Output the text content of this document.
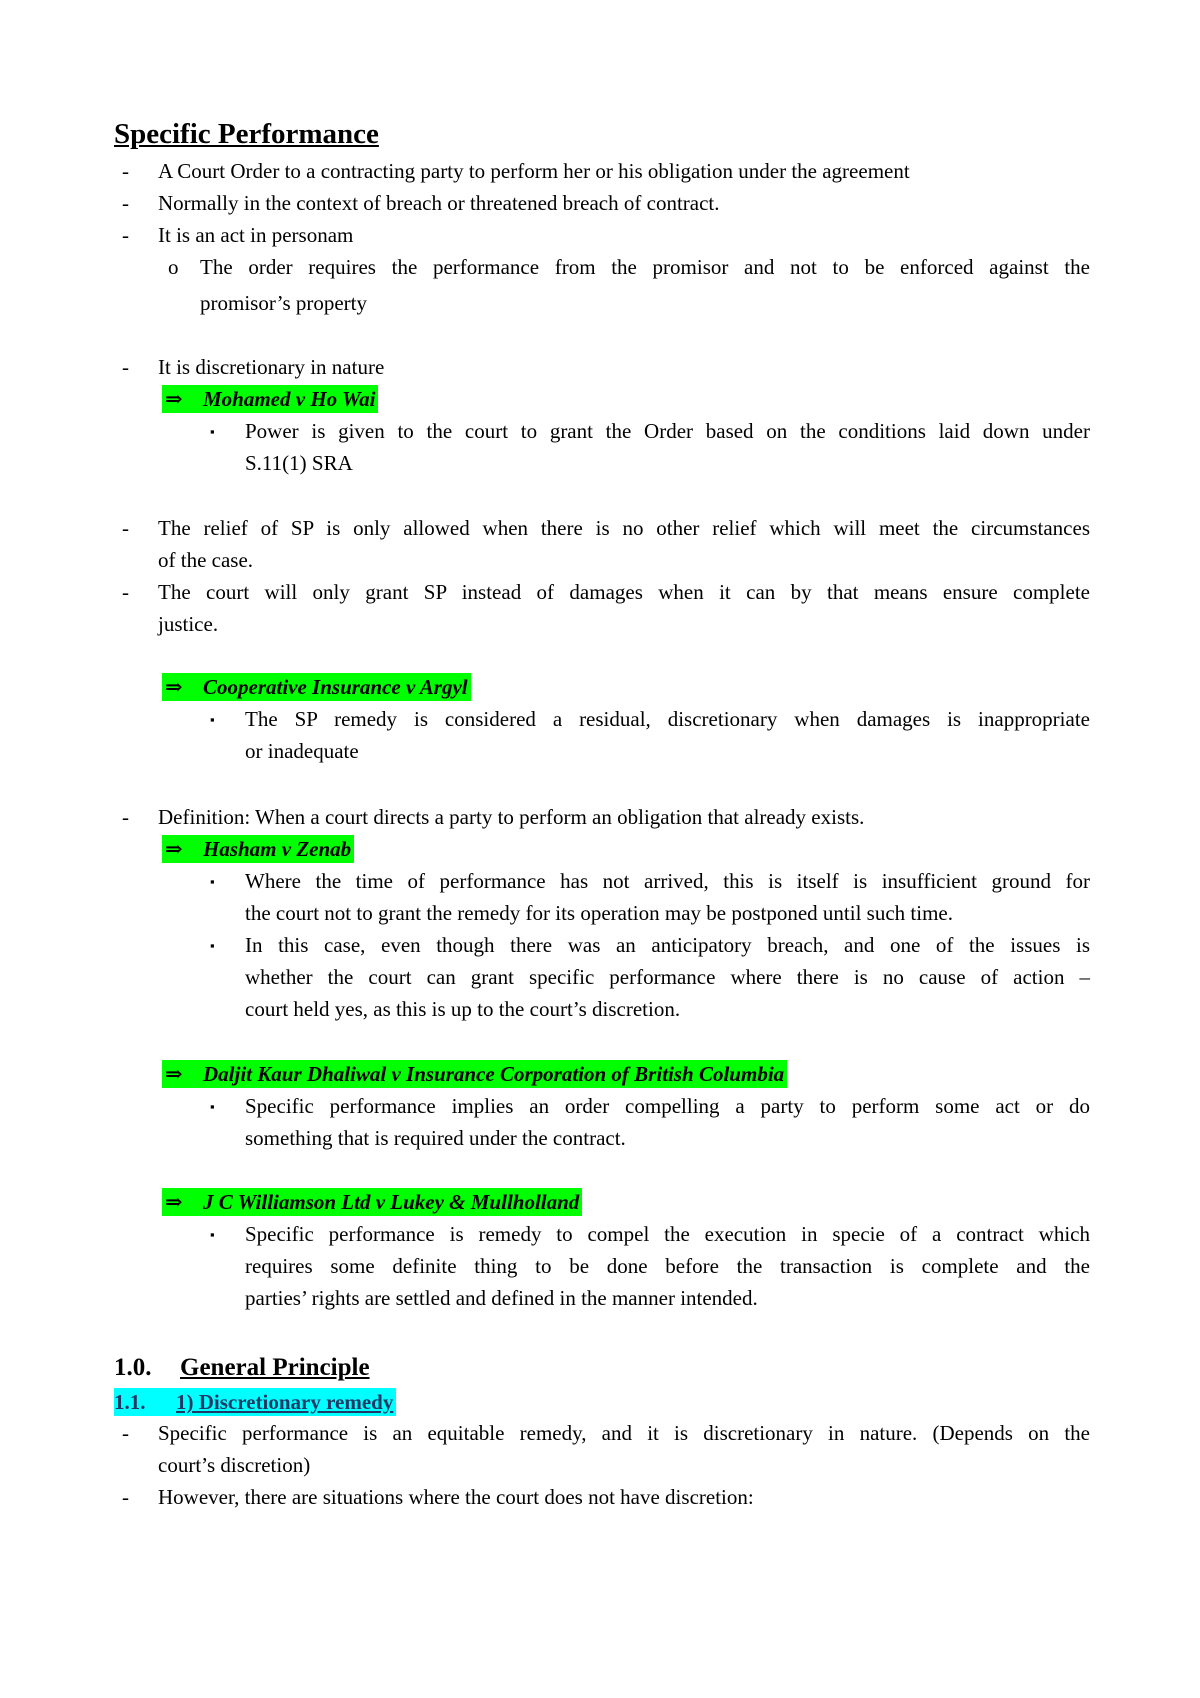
Specific Performance
- A Court Order to a contracting party to perform her or his obligation under the agreement

- Normally in the context of breach or threatened breach of contract.

- It is an act in personam

o The order requires the performance from the promisor and not to be enforced against the

promisor’s property

- It is discretionary in nature

⇒ Mohamed v Ho Wai
▪ Power is given to the court to grant the Order based on the conditions laid down under

S.11(1) SRA

- The relief of SP is only allowed when there is no other relief which will meet the circumstances

of the case.

- The court will only grant SP instead of damages when it can by that means ensure complete

justice.

⇒ Cooperative Insurance v Argyl
▪ The SP remedy is considered a residual, discretionary when damages is inappropriate

or inadequate

- Definition: When a court directs a party to perform an obligation that already exists.

⇒ Hasham v Zenab
▪ Where the time of performance has not arrived, this is itself is insufficient ground for

the court not to grant the remedy for its operation may be postponed until such time.

▪ In this case, even though there was an anticipatory breach, and one of the issues is

whether the court can grant specific performance where there is no cause of action –

court held yes, as this is up to the court’s discretion.

⇒ Daljit Kaur Dhaliwal v Insurance Corporation of British Columbia
▪ Specific performance implies an order compelling a party to perform some act or do

something that is required under the contract.

⇒ J C Williamson Ltd v Lukey & Mullholland
▪ Specific performance is remedy to compel the execution in specie of a contract which

requires some definite thing to be done before the transaction is complete and the

parties’ rights are settled and defined in the manner intended.

1.0. General Principle
1.1. 1) Discretionary remedy
- Specific performance is an equitable remedy, and it is discretionary in nature. (Depends on the

court’s discretion)

- However, there are situations where the court does not have discretion:
